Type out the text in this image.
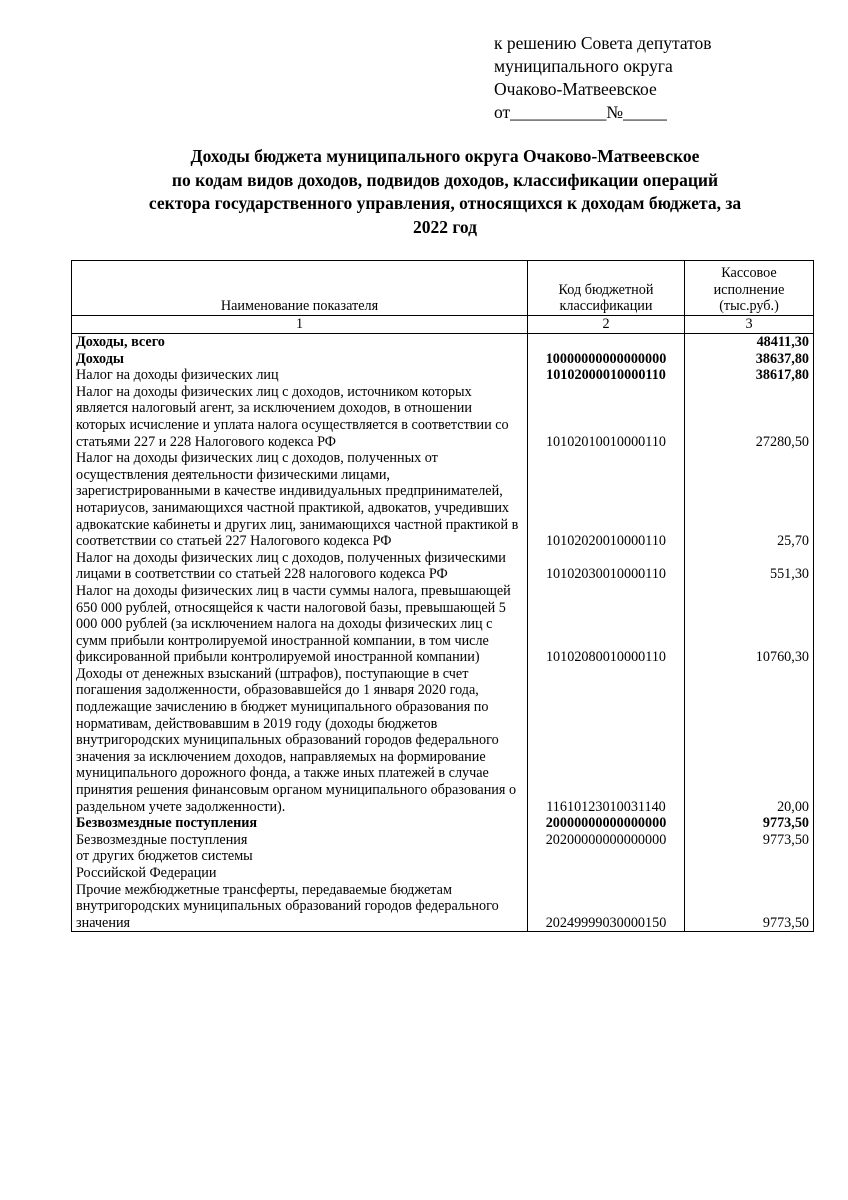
к решению Совета депутатов
муниципального округа
Очаково-Матвеевское
от___________№_____
Доходы бюджета муниципального округа Очаково-Матвеевское
по кодам видов доходов, подвидов доходов, классификации операций
сектора государственного управления, относящихся к доходам бюджета, за
2022 год
Наименование показателя	Код бюджетной классификации	Кассовое исполнение (тыс.руб.)
1	2	3
Доходы, всего		48411,30
Доходы	10000000000000000	38637,80
Налог на доходы физических лиц	10102000010000110	38617,80
Налог на доходы физических лиц с доходов, источником которых является налоговый агент, за исключением доходов, в отношении которых исчисление и уплата налога осуществляется в соответствии со статьями 227 и 228 Налогового кодекса РФ	10102010010000110	27280,50
Налог на доходы физических лиц с доходов, полученных от осуществления деятельности физическими лицами, зарегистрированными в качестве индивидуальных предпринимателей, нотариусов, занимающихся частной практикой, адвокатов, учредивших адвокатские кабинеты и других лиц, занимающихся частной практикой в соответствии со статьей 227 Налогового кодекса РФ	10102020010000110	25,70
Налог на доходы физических лиц с доходов, полученных физическими лицами в соответствии со статьей 228 налогового кодекса РФ	10102030010000110	551,30
Налог на доходы физических лиц в части суммы налога, превышающей 650 000 рублей, относящейся к части налоговой базы, превышающей 5 000 000 рублей (за исключением налога на доходы физических лиц с сумм прибыли контролируемой иностранной компании, в том числе фиксированной прибыли контролируемой иностранной компании)	10102080010000110	10760,30
Доходы от денежных взысканий (штрафов), поступающие в счет погашения задолженности, образовавшейся до 1 января 2020 года, подлежащие зачислению в бюджет муниципального образования по нормативам, действовавшим в 2019 году (доходы бюджетов внутригородских муниципальных образований городов федерального значения за исключением доходов, направляемых на формирование муниципального дорожного фонда, а также иных платежей в случае принятия решения финансовым органом муниципального образования о раздельном учете задолженности).	11610123010031140	20,00
Безвозмездные поступления	20000000000000000	9773,50
Безвозмездные поступления	20200000000000000	9773,50
от других бюджетов системы		
Российской Федерации		
Прочие межбюджетные трансферты, передаваемые бюджетам внутригородских муниципальных образований городов федерального значения	20249999030000150	9773,50
